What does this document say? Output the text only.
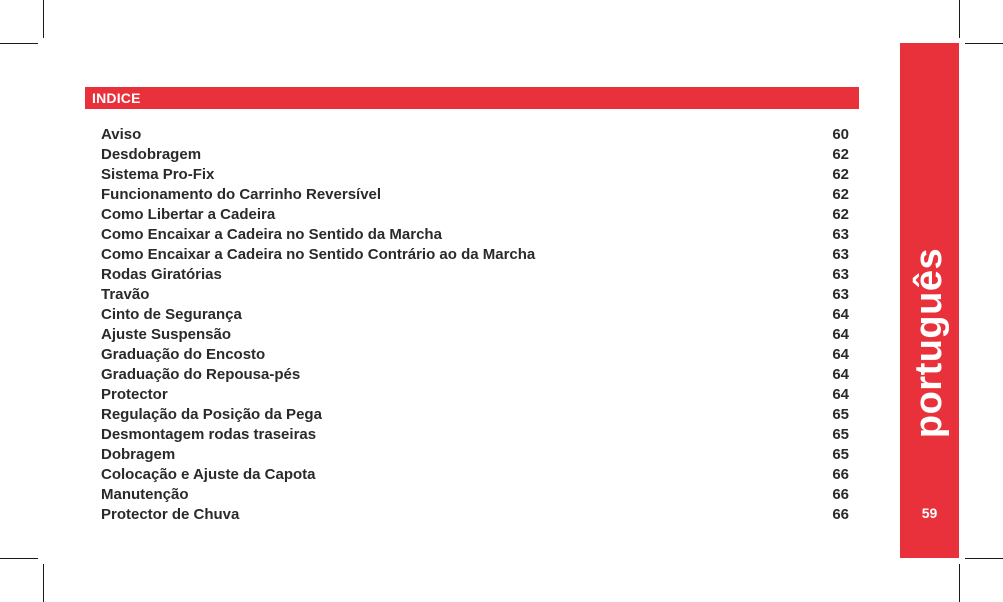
INDICE
Aviso	60
Desdobragem	62
Sistema Pro-Fix	62
Funcionamento do Carrinho Reversível	62
Como Libertar a Cadeira	62
Como Encaixar a Cadeira no Sentido da Marcha	63
Como Encaixar a Cadeira no Sentido Contrário ao da Marcha	63
Rodas Giratórias	63
Travão	63
Cinto de Segurança	64
Ajuste Suspensão	64
Graduação do Encosto	64
Graduação do Repousa-pés	64
Protector	64
Regulação da Posição da Pega	65
Desmontagem rodas traseiras	65
Dobragem	65
Colocação e Ajuste da Capota	66
Manutenção	66
Protector de Chuva	66
português
59
